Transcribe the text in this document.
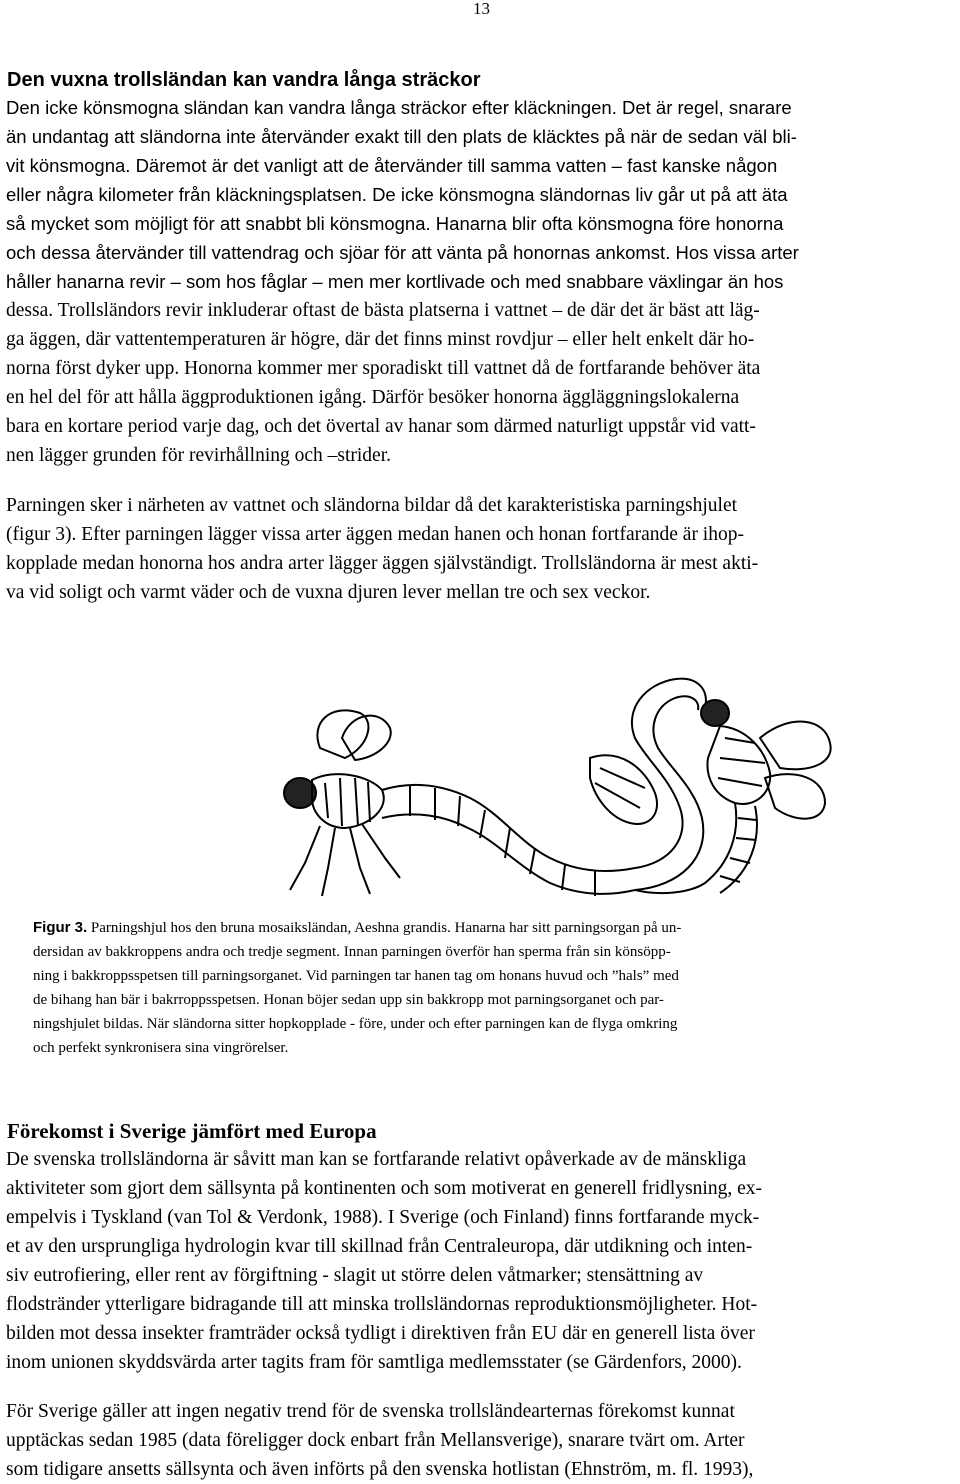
13
Den vuxna trollsländan kan vandra långa sträckor
Den icke könsmogna sländan kan vandra långa sträckor efter kläckningen. Det är regel, snarare
än undantag att sländorna inte återvänder exakt till den plats de kläcktes på när de sedan väl bli-
vit könsmogna. Däremot är det vanligt att de återvänder till samma vatten – fast kanske någon
eller några kilometer från kläckningsplatsen. De icke könsmogna sländornas liv går ut på att äta
så mycket som möjligt för att snabbt bli könsmogna. Hanarna blir ofta könsmogna före honorna
och dessa återvänder till vattendrag och sjöar för att vänta på honornas ankomst. Hos vissa arter
håller hanarna revir – som hos fåglar – men mer kortlivade och med snabbare växlingar än hos
dessa. Trollsländors revir inkluderar oftast de bästa platserna i vattnet – de där det är bäst att läg-
ga äggen, där vattentemperaturen är högre, där det finns minst rovdjur – eller helt enkelt där ho-
norna först dyker upp. Honorna kommer mer sporadiskt till vattnet då de fortfarande behöver äta
en hel del för att hålla äggproduktionen igång. Därför besöker honorna äggläggningslokalerna
bara en kortare period varje dag, och det övertal av hanar som därmed naturligt uppstår vid vatt-
nen lägger grunden för revirhållning och –strider.
Parningen sker i närheten av vattnet och sländorna bildar då det karakteristiska parningshjulet
(figur 3). Efter parningen lägger vissa arter äggen medan hanen och honan fortfarande är ihop-
kopplade medan honorna hos andra arter lägger äggen självständigt. Trollsländorna är mest akti-
va vid soligt och varmt väder och de vuxna djuren lever mellan tre och sex veckor.
Figur 3. Parningshjul hos den bruna mosaiksländan, Aeshna grandis. Hanarna har sitt parningsorgan på un-
dersidan av bakkroppens andra och tredje segment. Innan parningen överför han sperma från sin könsöpp-
ning i bakkroppsspetsen till parningsorganet. Vid parningen tar hanen tag om honans huvud och ”hals” med
de bihang han bär i bakrroppsspetsen. Honan böjer sedan upp sin bakkropp mot parningsorganet och par-
ningshjulet bildas. När sländorna sitter hopkopplade - före, under och efter parningen kan de flyga omkring
och perfekt synkronisera sina vingrörelser.
Förekomst i Sverige jämfört med Europa
De svenska trollsländorna är såvitt man kan se fortfarande relativt opåverkade av de mänskliga
aktiviteter som gjort dem sällsynta på kontinenten och som motiverat en generell fridlysning, ex-
empelvis i Tyskland (van Tol & Verdonk, 1988). I Sverige (och Finland) finns fortfarande myck-
et av den ursprungliga hydrologin kvar till skillnad från Centraleuropa, där utdikning och inten-
siv eutrofiering, eller rent av förgiftning - slagit ut större delen våtmarker; stensättning av
flodstränder ytterligare bidragande till att minska trollsländornas reproduktionsmöjligheter. Hot-
bilden mot dessa insekter framträder också tydligt i direktiven från EU där en generell lista över
inom unionen skyddsvärda arter tagits fram för samtliga medlemsstater (se Gärdenfors, 2000).
För Sverige gäller att ingen negativ trend för de svenska trollsländearternas förekomst kunnat
upptäckas sedan 1985 (data föreligger dock enbart från Mellansverige), snarare tvärt om. Arter
som tidigare ansetts sällsynta och även införts på den svenska hotlistan (Ehnström, m. fl. 1993),
